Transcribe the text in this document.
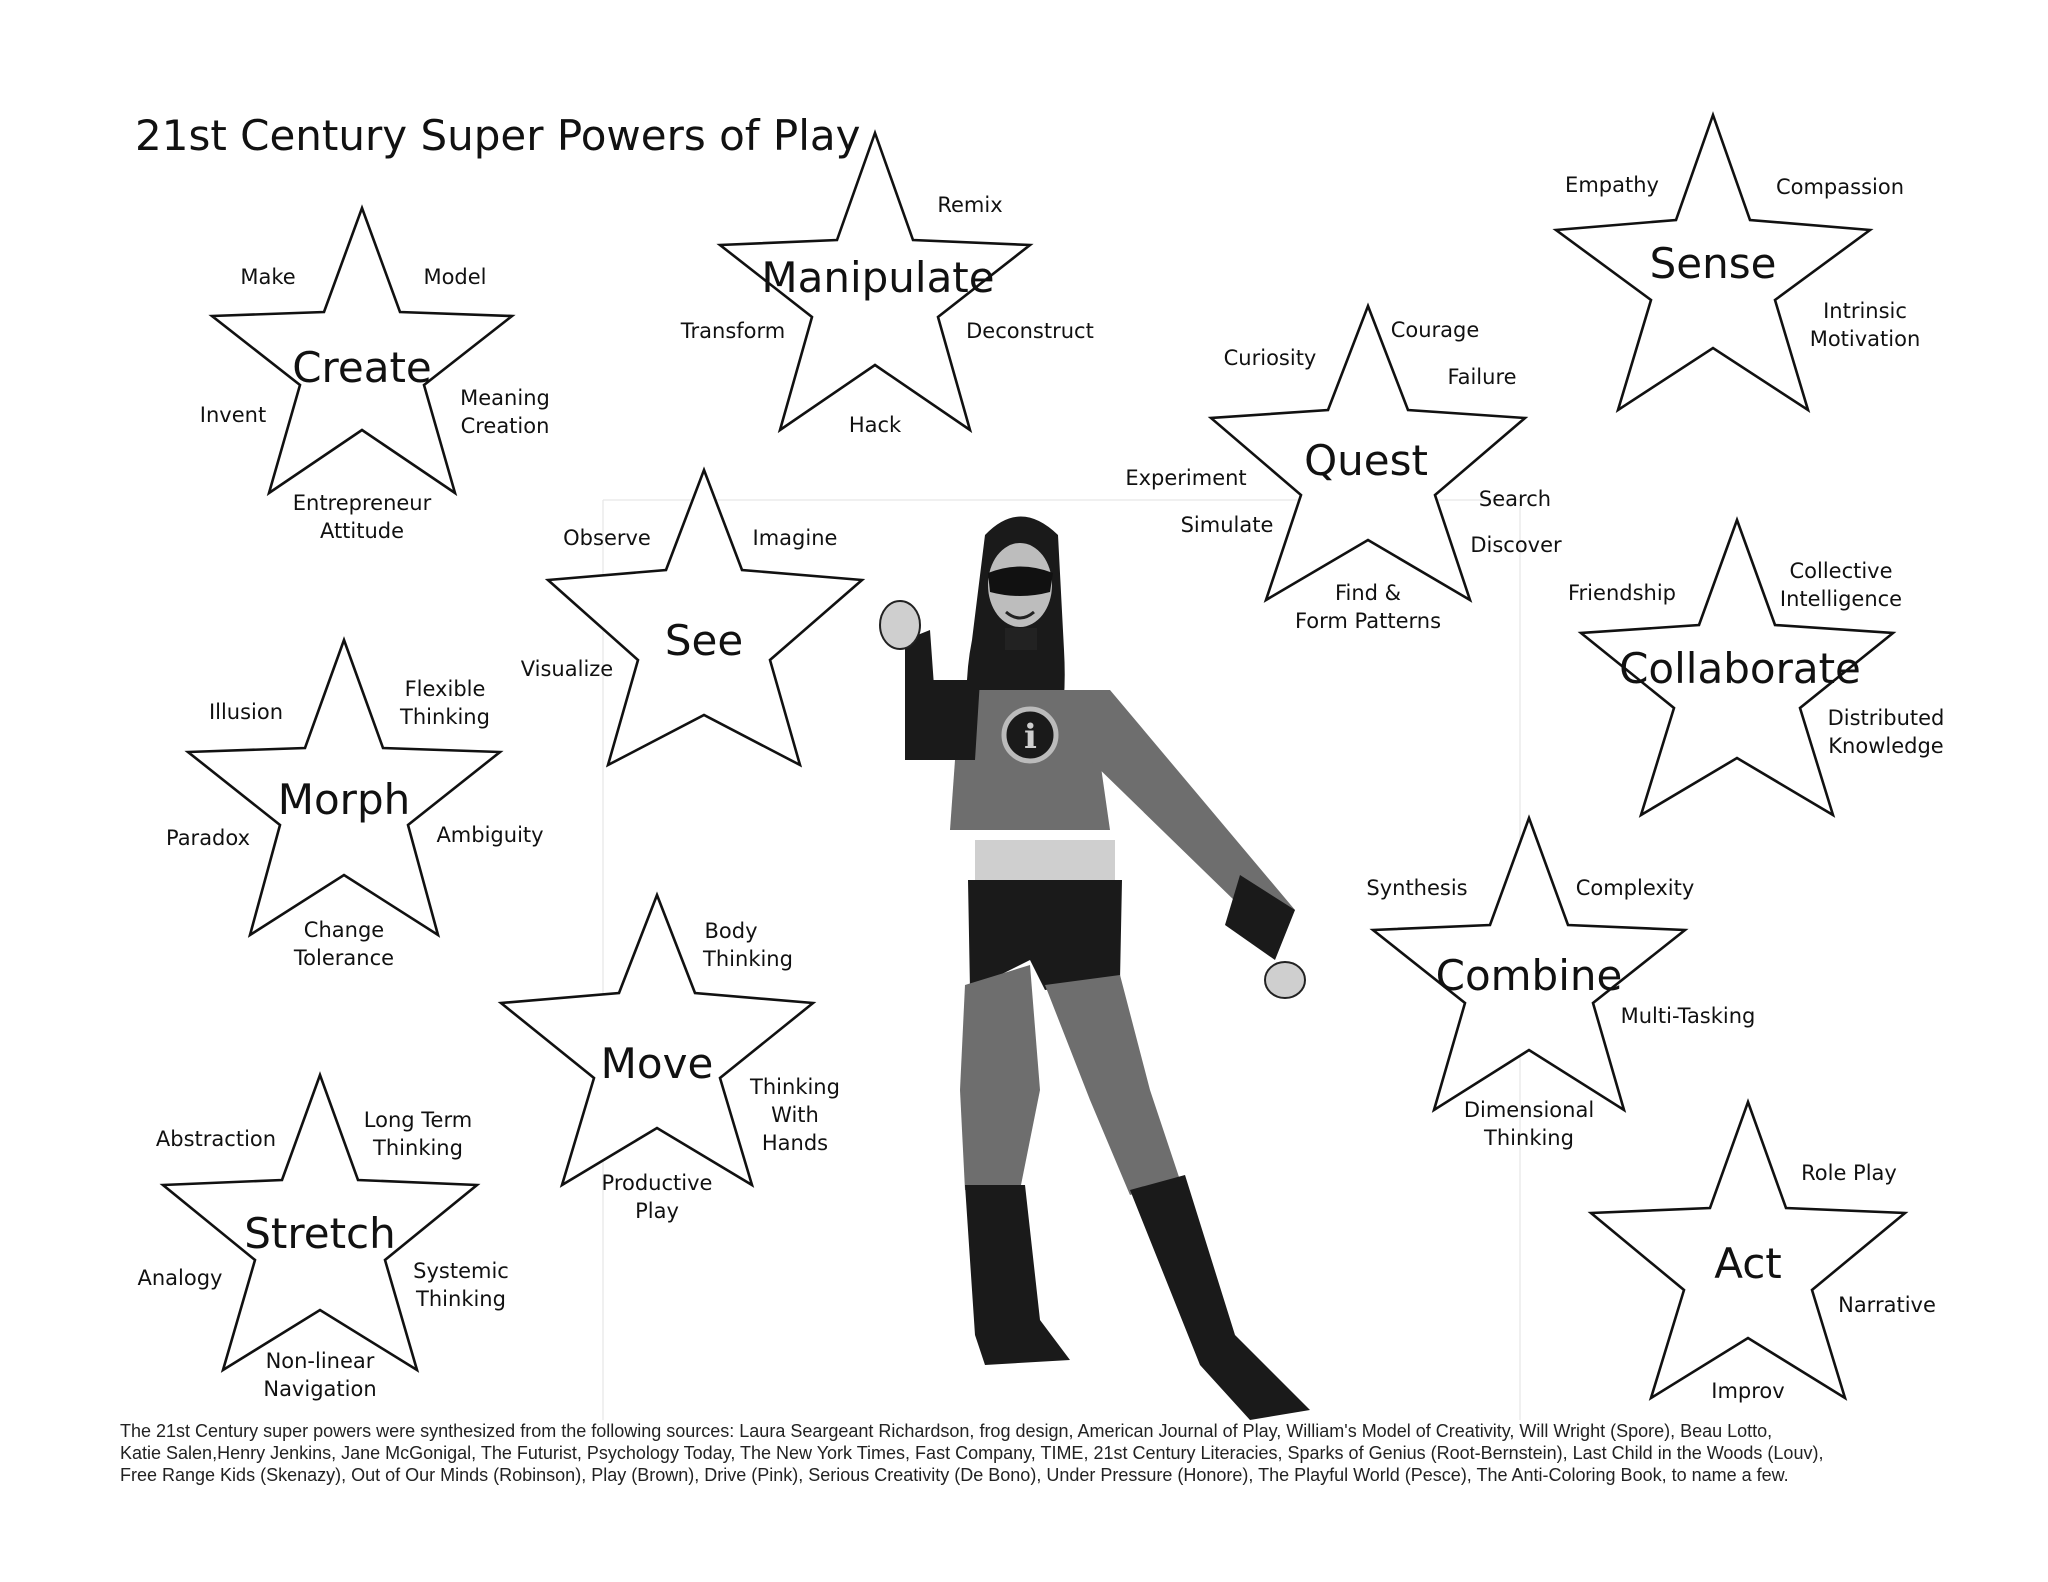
21st Century Super Powers of Play
i
Create
Make	Model
Invent
Meaning
Creation
Entrepreneur
Attitude
Manipulate
Remix
Transform	Deconstruct
Hack
Sense
Empathy	Compassion
Intrinsic
Motivation
Quest
Curiosity
Courage
Failure
Experiment
Simulate
Search
Discover
Find &
Form Patterns
See
Observe	Imagine
Visualize
Morph
Illusion
Flexible
Thinking
Paradox	Ambiguity
Change
Tolerance
Collaborate
Friendship
Collective
Intelligence
Distributed
Knowledge
Combine
Synthesis	Complexity
Multi-Tasking
Dimensional
Thinking
Move
Body
Thinking
Thinking
With
Hands
Productive
Play
Stretch
Abstraction
Long Term
Thinking
Analogy	Systemic
Thinking
Non-linear
Navigation
Act
Role Play
Narrative
Improv
The 21st Century super powers were synthesized from the following sources: Laura Seargeant Richardson, frog design, American Journal of Play, William's Model of Creativity, Will Wright (Spore), Beau Lotto,
Katie Salen,Henry Jenkins, Jane McGonigal, The Futurist, Psychology Today, The New York Times, Fast Company, TIME, 21st Century Literacies, Sparks of Genius (Root-Bernstein), Last Child in the Woods (Louv),
Free Range Kids (Skenazy), Out of Our Minds (Robinson), Play (Brown), Drive (Pink), Serious Creativity (De Bono), Under Pressure (Honore), The Playful World (Pesce), The Anti-Coloring Book, to name a few.
